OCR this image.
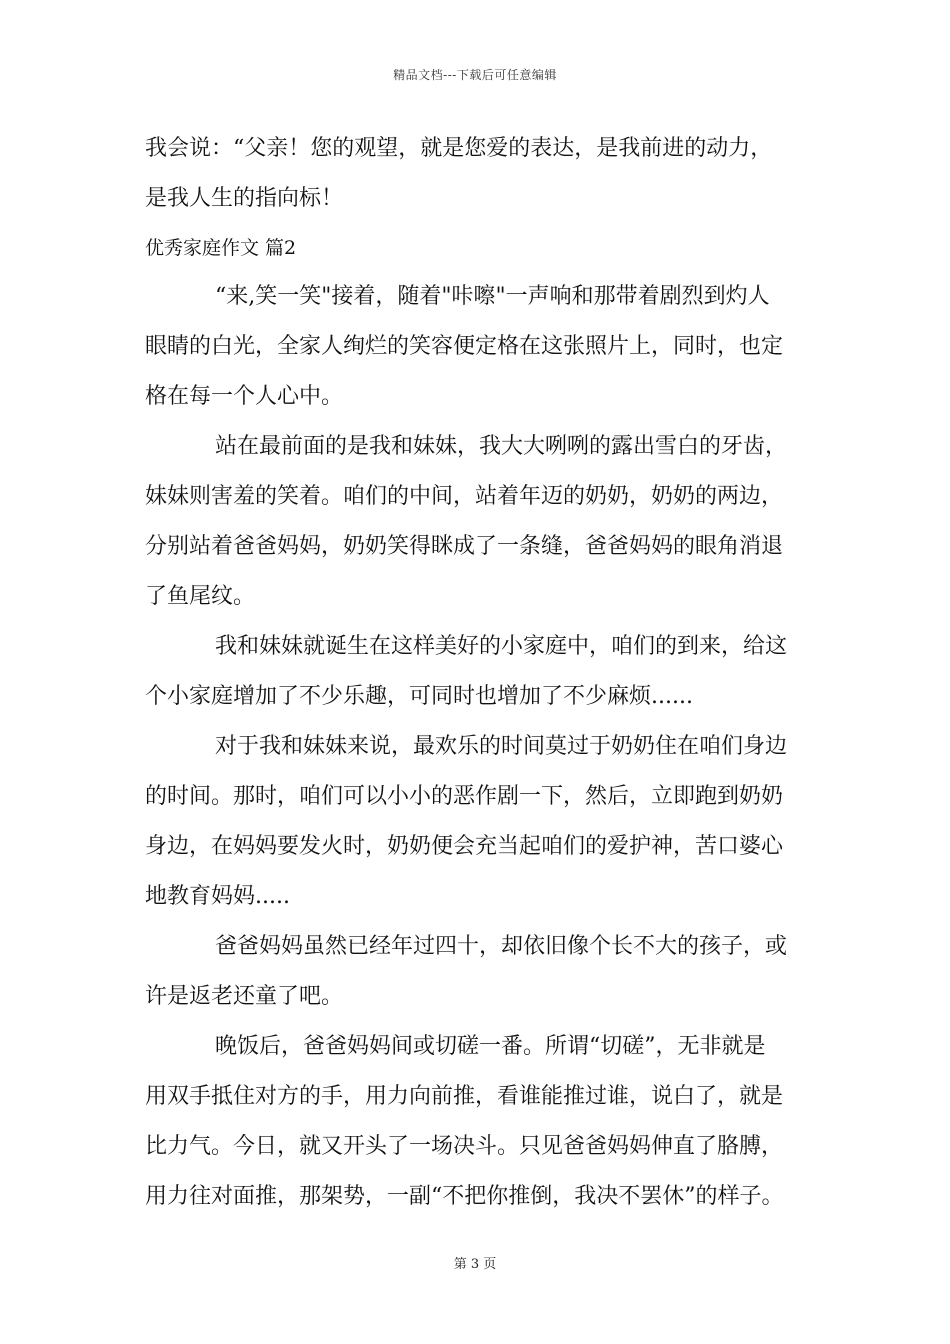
精品文档---下载后可任意编辑
我会说：“父亲！您的观望，就是您爱的表达，是我前进的动力，
是我人生的指向标！
优秀家庭作文 篇2
“来,笑一笑"接着，随着"咔嚓"一声响和那带着剧烈到灼人
眼睛的白光，全家人绚烂的笑容便定格在这张照片上，同时，也定
格在每一个人心中。
站在最前面的是我和妹妹，我大大咧咧的露出雪白的牙齿，
妹妹则害羞的笑着。咱们的中间，站着年迈的奶奶，奶奶的两边，
分别站着爸爸妈妈，奶奶笑得眯成了一条缝，爸爸妈妈的眼角消退
了鱼尾纹。
我和妹妹就诞生在这样美好的小家庭中，咱们的到来，给这
个小家庭增加了不少乐趣，可同时也增加了不少麻烦......
对于我和妹妹来说，最欢乐的时间莫过于奶奶住在咱们身边
的时间。那时，咱们可以小小的恶作剧一下，然后，立即跑到奶奶
身边，在妈妈要发火时，奶奶便会充当起咱们的爱护神，苦口婆心
地教育妈妈.....
爸爸妈妈虽然已经年过四十，却依旧像个长不大的孩子，或
许是返老还童了吧。
晚饭后，爸爸妈妈间或切磋一番。所谓“切磋”，无非就是
用双手抵住对方的手，用力向前推，看谁能推过谁，说白了，就是
比力气。今日，就又开头了一场决斗。只见爸爸妈妈伸直了胳膊，
用力往对面推，那架势，一副“不把你推倒，我决不罢休”的样子。
第 3 页
